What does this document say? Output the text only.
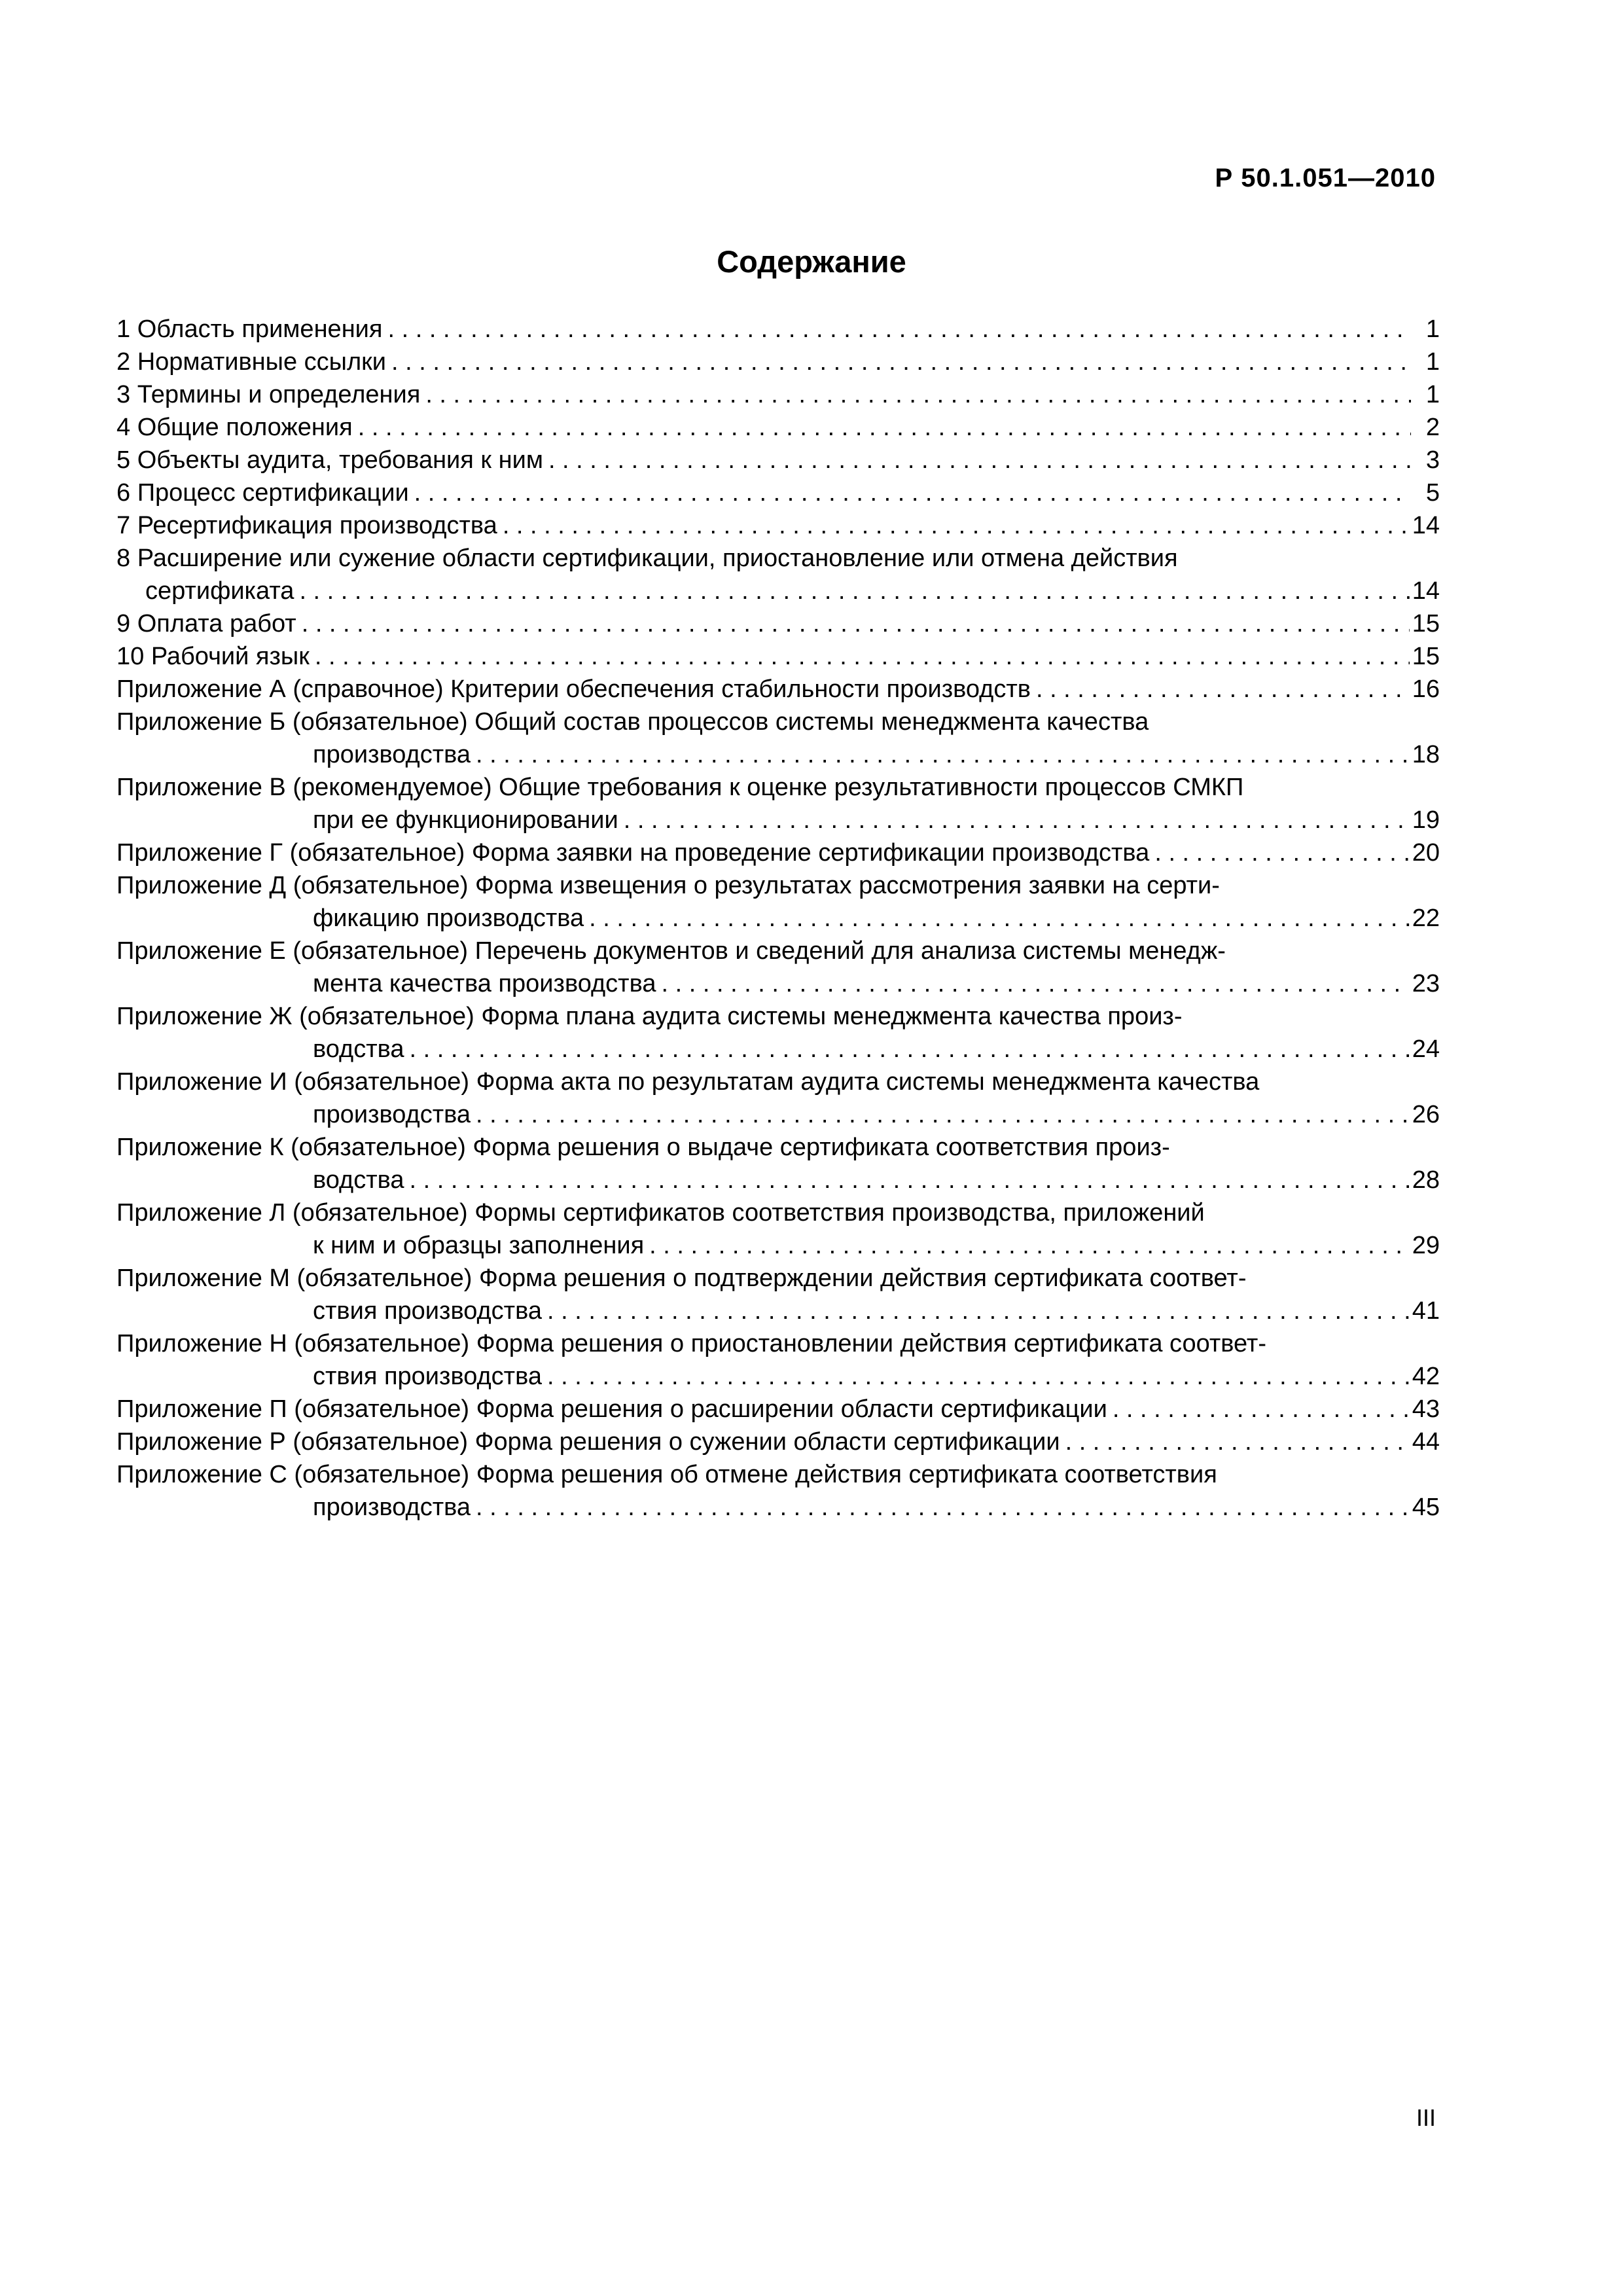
Р 50.1.051—2010
Содержание
1 Область применения . . .	1
2 Нормативные ссылки . . .	1
3 Термины и определения . . .	1
4 Общие положения . . .	2
5 Объекты аудита, требования к ним . . .	3
6 Процесс сертификации . . .	5
7 Ресертификация производства . . .	14
8 Расширение или сужение области сертификации, приостановление или отмена действия
сертификата . . .	14
9 Оплата работ . . .	15
10 Рабочий язык . . .	15
Приложение А (справочное) Критерии обеспечения стабильности производств . . .	16
Приложение Б (обязательное) Общий состав процессов системы менеджмента качества
производства . . .	18
Приложение В (рекомендуемое) Общие требования к оценке результативности процессов СМКП
при ее функционировании . . .	19
Приложение Г (обязательное) Форма заявки на проведение сертификации производства . . .	20
Приложение Д (обязательное) Форма извещения о результатах рассмотрения заявки на серти-
фикацию производства . . .	22
Приложение Е (обязательное) Перечень документов и сведений для анализа системы менедж-
мента качества производства . . .	23
Приложение Ж (обязательное) Форма плана аудита системы менеджмента качества произ-
водства . . .	24
Приложение И (обязательное) Форма акта по результатам аудита системы менеджмента качества
производства . . .	26
Приложение К (обязательное) Форма решения о выдаче сертификата соответствия произ-
водства . . .	28
Приложение Л (обязательное) Формы сертификатов соответствия производства, приложений
к ним и образцы заполнения . . .	29
Приложение М (обязательное) Форма решения о подтверждении действия сертификата соответ-
ствия производства . . .	41
Приложение Н (обязательное) Форма решения о приостановлении действия сертификата соответ-
ствия производства . . .	42
Приложение П (обязательное) Форма решения о расширении области сертификации . . .	43
Приложение Р (обязательное) Форма решения о сужении области сертификации . . .	44
Приложение С (обязательное) Форма решения об отмене действия сертификата соответствия
производства . . .	45
III
